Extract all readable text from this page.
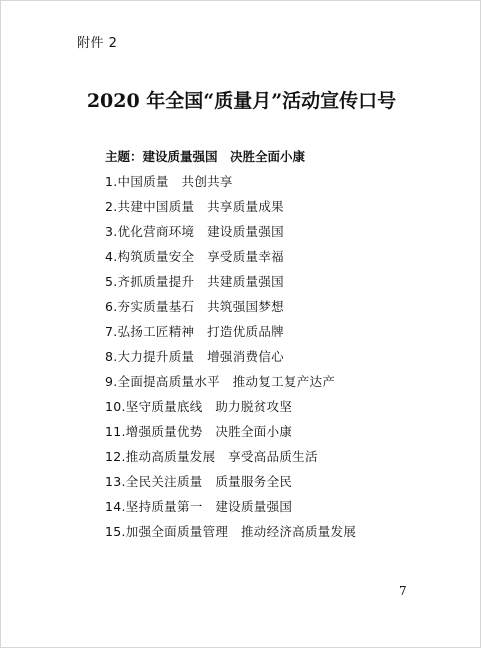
附件 2
2020 年全国“质量月”活动宣传口号
主题：建设质量强国　决胜全面小康
1.中国质量　共创共享
2.共建中国质量　共享质量成果
3.优化营商环境　建设质量强国
4.构筑质量安全　享受质量幸福
5.齐抓质量提升　共建质量强国
6.夯实质量基石　共筑强国梦想
7.弘扬工匠精神　打造优质品牌
8.大力提升质量　增强消费信心
9.全面提高质量水平　推动复工复产达产
10.坚守质量底线　助力脱贫攻坚
11.增强质量优势　决胜全面小康
12.推动高质量发展　享受高品质生活
13.全民关注质量　质量服务全民
14.坚持质量第一　建设质量强国
15.加强全面质量管理　推动经济高质量发展
7
